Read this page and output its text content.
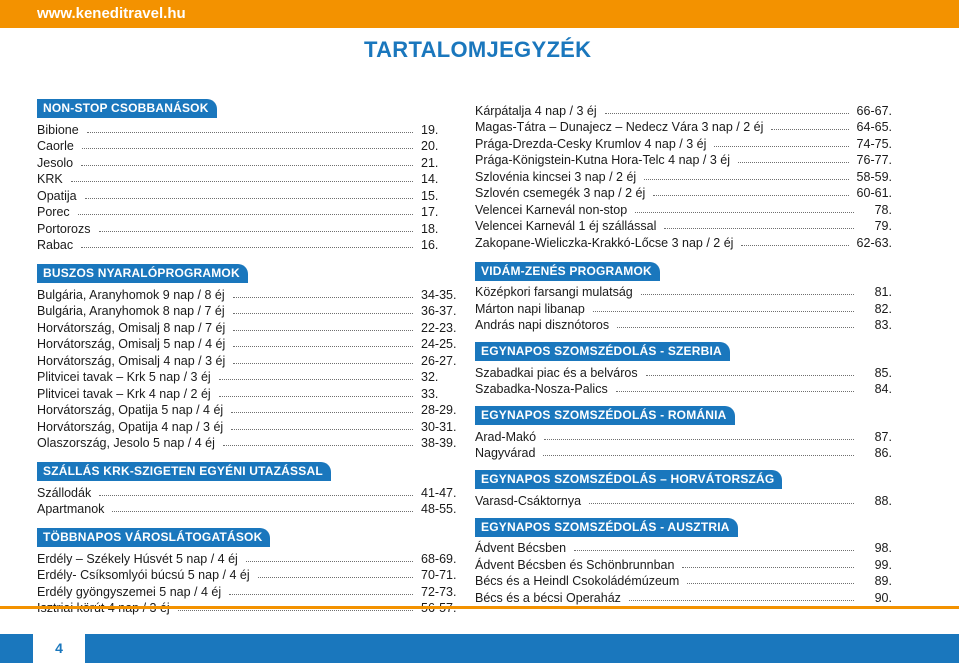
www.keneditravel.hu
TARTALOMJEGYZÉK
NON-STOP CSOBBANÁSOK
Bibione	19.
Caorle	20.
Jesolo	21.
KRK	14.
Opatija	15.
Porec	17.
Portorozs	18.
Rabac	16.
BUSZOS NYARALÓPROGRAMOK
Bulgária, Aranyhomok 9 nap / 8 éj	34-35.
Bulgária, Aranyhomok 8 nap / 7 éj	36-37.
Horvátország, Omisalj 8 nap / 7 éj	22-23.
Horvátország, Omisalj 5 nap / 4 éj	24-25.
Horvátország, Omisalj 4 nap / 3 éj	26-27.
Plitvicei tavak – Krk 5 nap / 3 éj	32.
Plitvicei tavak – Krk 4 nap / 2 éj	33.
Horvátország, Opatija 5 nap / 4 éj	28-29.
Horvátország, Opatija 4 nap / 3 éj	30-31.
Olaszország, Jesolo 5 nap / 4 éj	38-39.
SZÁLLÁS KRK-SZIGETEN EGYÉNI UTAZÁSSAL
Szállodák	41-47.
Apartmanok	48-55.
TÖBBNAPOS VÁROSLÁTOGATÁSOK
Erdély – Székely Húsvét 5 nap / 4 éj	68-69.
Erdély- Csíksomlyói búcsú 5 nap / 4 éj	70-71.
Erdély gyöngyszemei 5 nap / 4 éj	72-73.
Kárpátalja 4 nap / 3 éj	66-67.
Magas-Tátra – Dunajecz – Nedecz Vára 3 nap / 2 éj	64-65.
Prága-Drezda-Cesky Krumlov 4 nap / 3 éj	74-75.
Prága-Königstein-Kutna Hora-Telc 4 nap / 3 éj	76-77.
Szlovénia kincsei 3 nap / 2 éj	58-59.
Szlovén csemegék 3 nap / 2 éj	60-61.
Velencei Karnevál non-stop	78.
Velencei Karnevál 1 éj szállással	79.
Zakopane-Wieliczka-Krakkó-Lőcse 3 nap / 2 éj	62-63.
VIDÁM-ZENÉS PROGRAMOK
Középkori farsangi mulatság	81.
Márton napi libanap	82.
András napi disznótoros	83.
EGYNAPOS SZOMSZÉDOLÁS - SZERBIA
Szabadkai piac és a belváros	85.
Szabadka-Nosza-Palics	84.
EGYNAPOS SZOMSZÉDOLÁS - ROMÁNIA
Arad-Makó	87.
Nagyvárad	86.
EGYNAPOS SZOMSZÉDOLÁS – HORVÁTORSZÁG
Varasd-Csáktornya	88.
EGYNAPOS SZOMSZÉDOLÁS - AUSZTRIA
Ádvent Bécsben	98.
Ádvent Bécsben és Schönbrunnban	99.
Bécs és a Heindl Csokoládémúzeum	89.
Bécs és a bécsi Operaház	90.
4
